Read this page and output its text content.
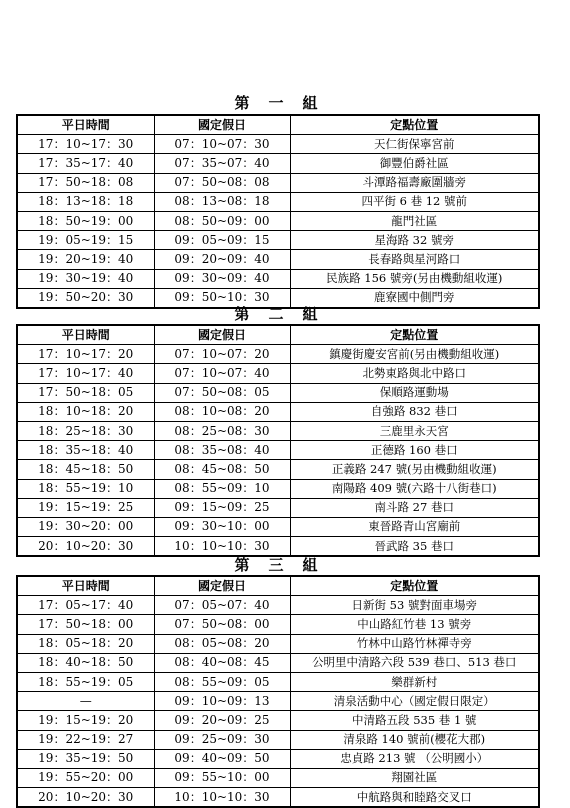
第　一　組
平日時間	國定假日	定點位置
17：10~17：30	07：10~07：30	天仁街保寧宮前
17：35~17：40	07：35~07：40	御豐伯爵社區
17：50~18：08	07：50~08：08	斗潭路福壽廠圍牆旁
18：13~18：18	08：13~08：18	四平街 6 巷 12 號前
18：50~19：00	08：50~09：00	龍門社區
19：05~19：15	09：05~09：15	星海路 32 號旁
19：20~19：40	09：20~09：40	長春路與星河路口
19：30~19：40	09：30~09：40	民族路 156 號旁(另由機動組收運)
19：50~20：30	09：50~10：30	鹿寮國中側門旁
第　二　組
平日時間	國定假日	定點位置
17：10~17：20	07：10~07：20	鎮慶街慶安宮前(另由機動組收運)
17：10~17：40	07：10~07：40	北勢東路與北中路口
17：50~18：05	07：50~08：05	保順路運動場
18：10~18：20	08：10~08：20	自強路 832 巷口
18：25~18：30	08：25~08：30	三鹿里永天宮
18：35~18：40	08：35~08：40	正德路 160 巷口
18：45~18：50	08：45~08：50	正義路 247 號(另由機動組收運)
18：55~19：10	08：55~09：10	南陽路 409 號(六路十八街巷口)
19：15~19：25	09：15~09：25	南斗路 27 巷口
19：30~20：00	09：30~10：00	東晉路青山宮廟前
20：10~20：30	10：10~10：30	晉武路 35 巷口
第　三　組
平日時間	國定假日	定點位置
17：05~17：40	07：05~07：40	日新街 53 號對面車場旁
17：50~18：00	07：50~08：00	中山路紅竹巷 13 號旁
18：05~18：20	08：05~08：20	竹林中山路竹林禪寺旁
18：40~18：50	08：40~08：45	公明里中清路六段 539 巷口、513 巷口
18：55~19：05	08：55~09：05	樂群新村
—	09：10~09：13	清泉活動中心（國定假日限定）
19：15~19：20	09：20~09：25	中清路五段 535 巷 1 號
19：22~19：27	09：25~09：30	清泉路 140 號前(櫻花大郡)
19：35~19：50	09：40~09：50	忠貞路 213 號 （公明國小）
19：55~20：00	09：55~10：00	翔園社區
20：10~20：30	10：10~10：30	中航路與和睦路交叉口
